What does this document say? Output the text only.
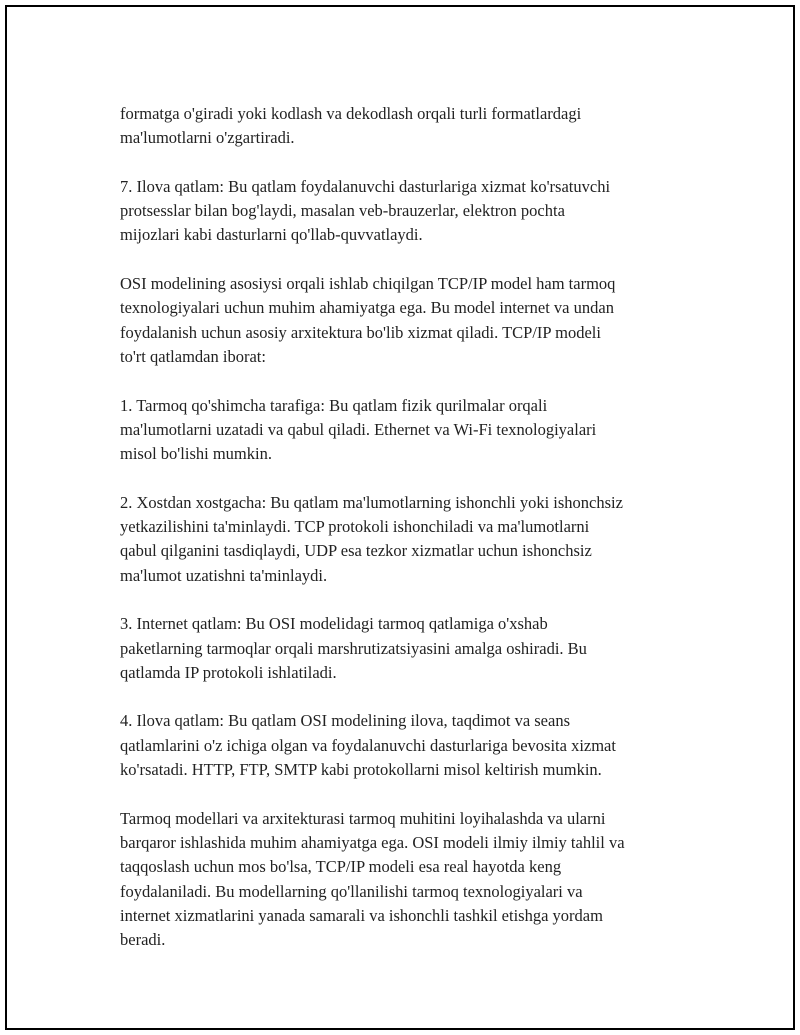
formatga o'giradi yoki kodlash va dekodlash orqali turli formatlardagi
ma'lumotlarni o'zgartiradi.

7. Ilova qatlam: Bu qatlam foydalanuvchi dasturlariga xizmat ko'rsatuvchi
protsesslar bilan bog'laydi, masalan veb-brauzerlar, elektron pochta
mijozlari kabi dasturlarni qo'llab-quvvatlaydi.

OSI modelining asosiysi orqali ishlab chiqilgan TCP/IP model ham tarmoq
texnologiyalari uchun muhim ahamiyatga ega. Bu model internet va undan
foydalanish uchun asosiy arxitektura bo'lib xizmat qiladi. TCP/IP modeli
to'rt qatlamdan iborat:

1. Tarmoq qo'shimcha tarafiga: Bu qatlam fizik qurilmalar orqali
ma'lumotlarni uzatadi va qabul qiladi. Ethernet va Wi-Fi texnologiyalari
misol bo'lishi mumkin.

2. Xostdan xostgacha: Bu qatlam ma'lumotlarning ishonchli yoki ishonchsiz
yetkazilishini ta'minlaydi. TCP protokoli ishonchiladi va ma'lumotlarni
qabul qilganini tasdiqlaydi, UDP esa tezkor xizmatlar uchun ishonchsiz
ma'lumot uzatishni ta'minlaydi.

3. Internet qatlam: Bu OSI modelidagi tarmoq qatlamiga o'xshab
paketlarning tarmoqlar orqali marshrutizatsiyasini amalga oshiradi. Bu
qatlamda IP protokoli ishlatiladi.

4. Ilova qatlam: Bu qatlam OSI modelining ilova, taqdimot va seans
qatlamlarini o'z ichiga olgan va foydalanuvchi dasturlariga bevosita xizmat
ko'rsatadi. HTTP, FTP, SMTP kabi protokollarni misol keltirish mumkin.

Tarmoq modellari va arxitekturasi tarmoq muhitini loyihalashda va ularni
barqaror ishlashida muhim ahamiyatga ega. OSI modeli ilmiy ilmiy tahlil va
taqqoslash uchun mos bo'lsa, TCP/IP modeli esa real hayotda keng
foydalaniladi. Bu modellarning qo'llanilishi tarmoq texnologiyalari va
internet xizmatlarini yanada samarali va ishonchli tashkil etishga yordam
beradi.
